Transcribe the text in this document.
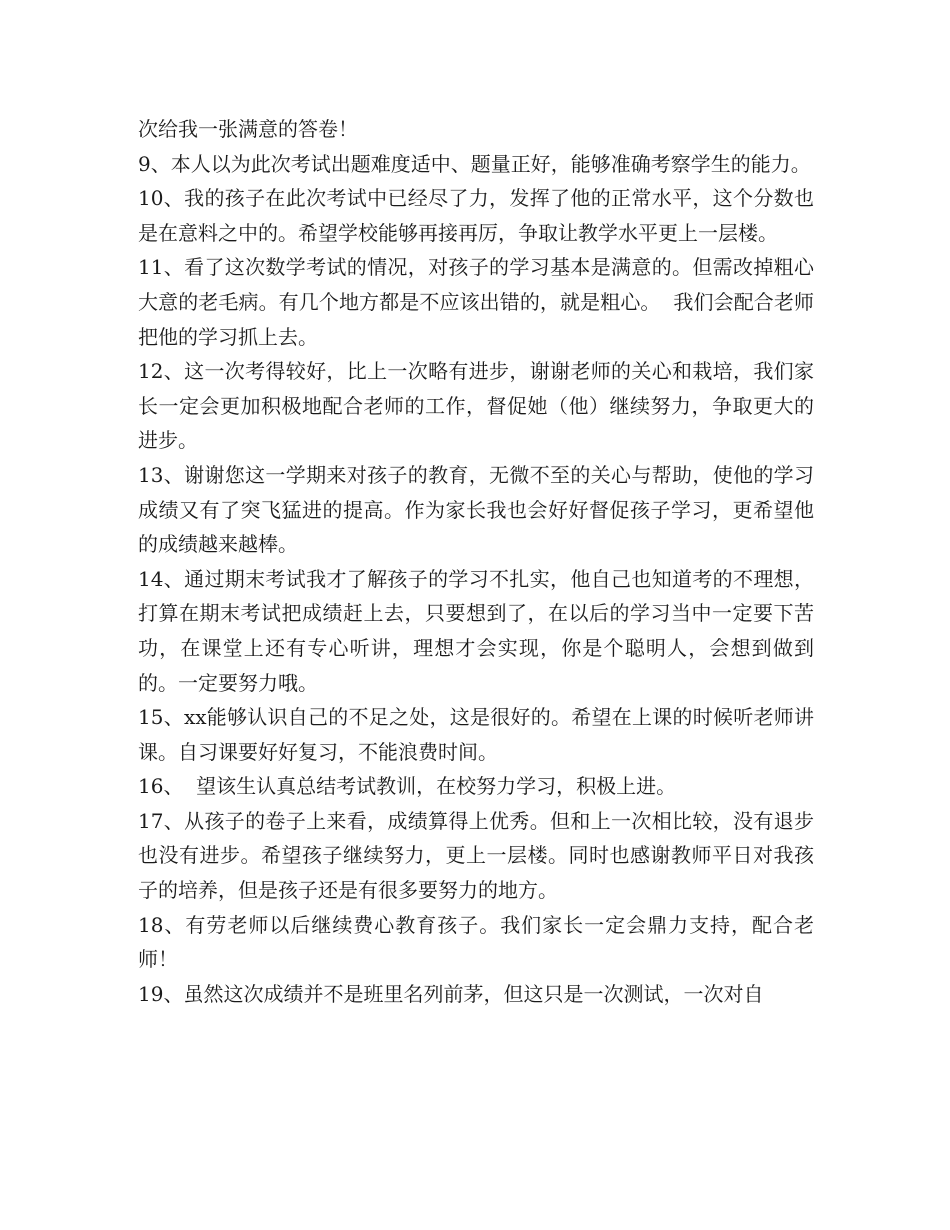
次给我一张满意的答卷！

9、本人以为此次考试出题难度适中、题量正好，能够准确考察学生的能力。

10、我的孩子在此次考试中已经尽了力，发挥了他的正常水平，这个分数也是在意料之中的。希望学校能够再接再厉，争取让教学水平更上一层楼。

11、看了这次数学考试的情况，对孩子的学习基本是满意的。但需改掉粗心大意的老毛病。有几个地方都是不应该出错的，就是粗心。  我们会配合老师把他的学习抓上去。

12、这一次考得较好，比上一次略有进步，谢谢老师的关心和栽培，我们家长一定会更加积极地配合老师的工作，督促她（他）继续努力，争取更大的进步。

13、谢谢您这一学期来对孩子的教育，无微不至的关心与帮助，使他的学习成绩又有了突飞猛进的提高。作为家长我也会好好督促孩子学习，更希望他的成绩越来越棒。

14、通过期末考试我才了解孩子的学习不扎实，他自己也知道考的不理想，打算在期末考试把成绩赶上去，只要想到了，在以后的学习当中一定要下苦功，在课堂上还有专心听讲，理想才会实现，你是个聪明人，会想到做到的。一定要努力哦。

15、xx能够认识自己的不足之处，这是很好的。希望在上课的时候听老师讲课。自习课要好好复习，不能浪费时间。

16、  望该生认真总结考试教训，在校努力学习，积极上进。

17、从孩子的卷子上来看，成绩算得上优秀。但和上一次相比较，没有退步也没有进步。希望孩子继续努力，更上一层楼。同时也感谢教师平日对我孩子的培养，但是孩子还是有很多要努力的地方。

18、有劳老师以后继续费心教育孩子。我们家长一定会鼎力支持，配合老师！

19、虽然这次成绩并不是班里名列前茅，但这只是一次测试，一次对自
